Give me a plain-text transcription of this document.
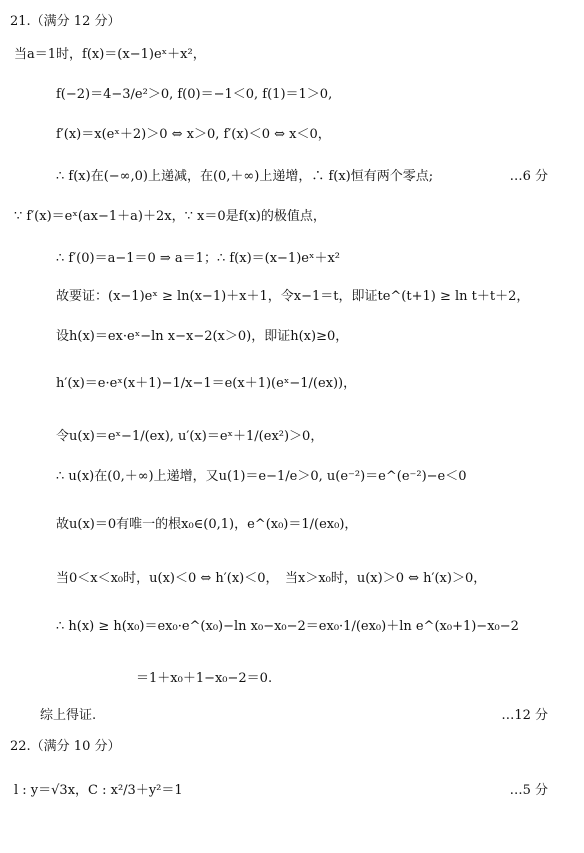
21.（满分 12 分）
当a＝1时，f(x)＝(x−1)eˣ＋x²，
f(−2)＝4−3/e²＞0, f(0)＝−1＜0, f(1)＝1＞0,
f′(x)＝x(eˣ＋2)＞0 ⇔ x＞0, f′(x)＜0 ⇔ x＜0，
∴ f(x)在(−∞,0)上递减，在(0,＋∞)上递增，∴ f(x)恒有两个零点;	…6 分
∵ f′(x)＝eˣ(ax−1＋a)＋2x，∵ x＝0是f(x)的极值点，
∴ f′(0)＝a−1＝0 ⇒ a＝1；∴ f(x)＝(x−1)eˣ＋x²
故要证：(x−1)eˣ ≥ ln(x−1)＋x＋1，令x−1＝t，即证te^(t+1) ≥ ln t＋t＋2，
设h(x)＝ex·eˣ−ln x−x−2(x＞0)，即证h(x)≥0，
h′(x)＝e·eˣ(x＋1)−1/x−1＝e(x＋1)(eˣ−1/(ex))，
令u(x)＝eˣ−1/(ex), u′(x)＝eˣ＋1/(ex²)＞0，
∴ u(x)在(0,＋∞)上递增，又u(1)＝e−1/e＞0, u(e⁻²)＝e^(e⁻²)−e＜0
故u(x)＝0有唯一的根x₀∈(0,1)，e^(x₀)＝1/(ex₀)，
当0＜x＜x₀时，u(x)＜0 ⇔ h′(x)＜0，　当x＞x₀时，u(x)＞0 ⇔ h′(x)＞0，
∴ h(x) ≥ h(x₀)＝ex₀·e^(x₀)−ln x₀−x₀−2＝ex₀·1/(ex₀)＋ln e^(x₀+1)−x₀−2
＝1＋x₀＋1−x₀−2＝0.
综上得证.	…12 分
22.（满分 10 分）
l : y＝√3x，C : x²/3＋y²＝1	…5 分
